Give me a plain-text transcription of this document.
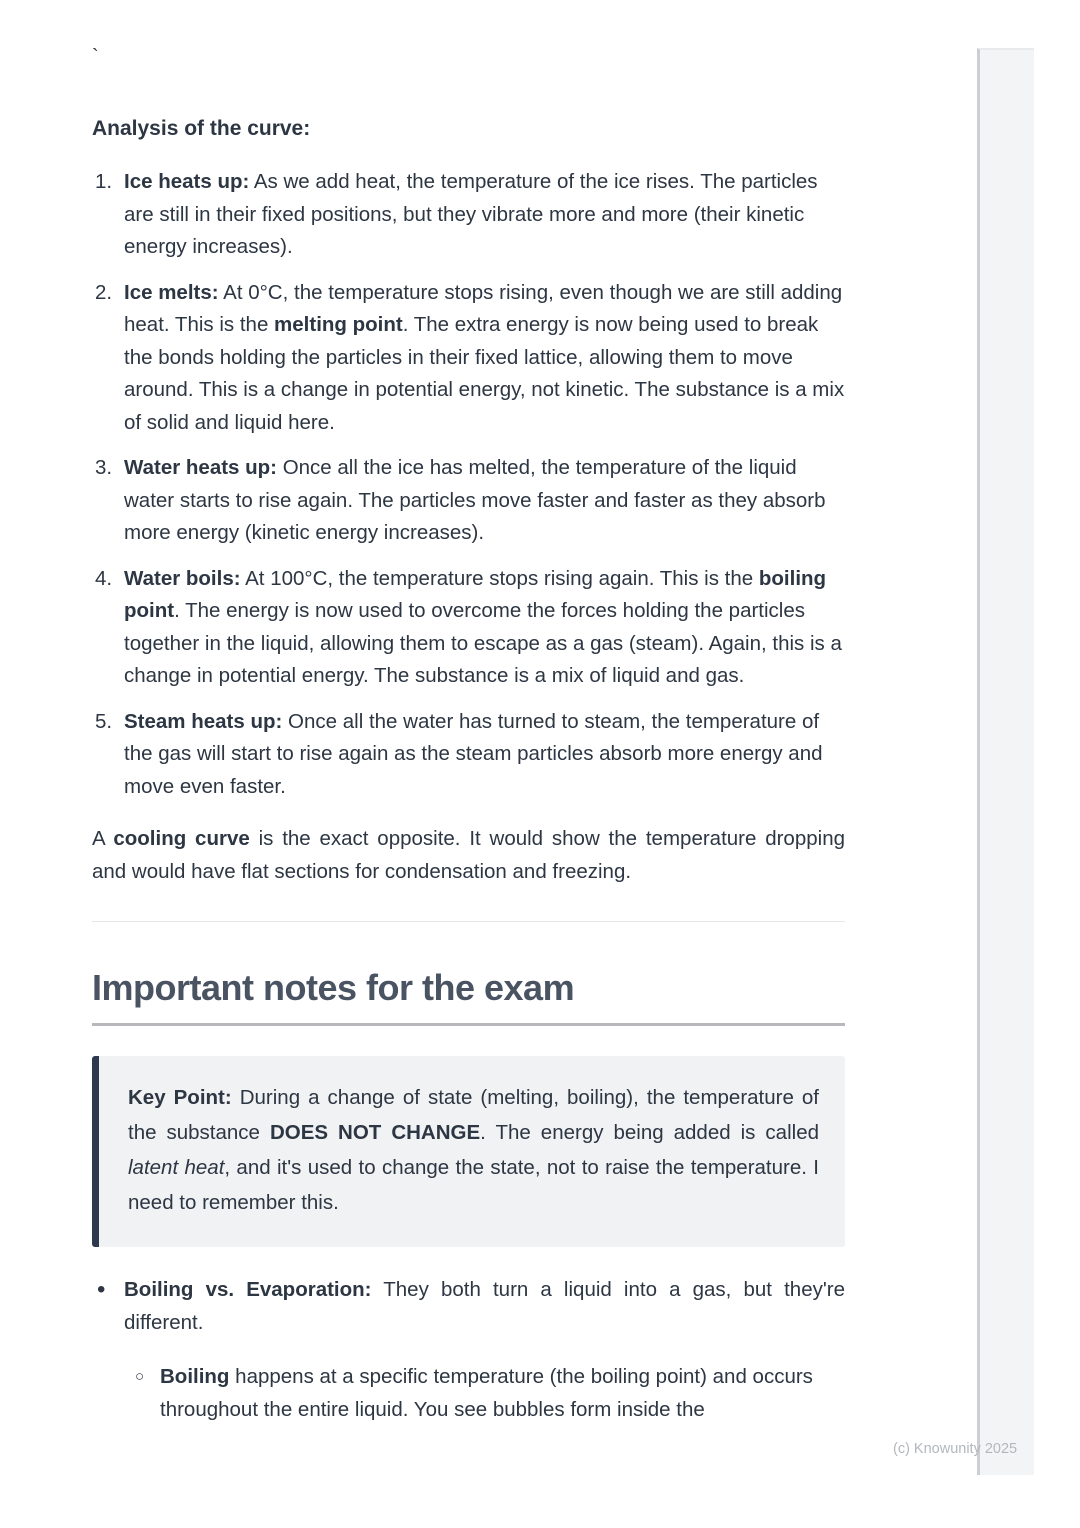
`
Analysis of the curve:
1. Ice heats up: As we add heat, the temperature of the ice rises. The particles are still in their fixed positions, but they vibrate more and more (their kinetic energy increases).
2. Ice melts: At 0°C, the temperature stops rising, even though we are still adding heat. This is the melting point. The extra energy is now being used to break the bonds holding the particles in their fixed lattice, allowing them to move around. This is a change in potential energy, not kinetic. The substance is a mix of solid and liquid here.
3. Water heats up: Once all the ice has melted, the temperature of the liquid water starts to rise again. The particles move faster and faster as they absorb more energy (kinetic energy increases).
4. Water boils: At 100°C, the temperature stops rising again. This is the boiling point. The energy is now used to overcome the forces holding the particles together in the liquid, allowing them to escape as a gas (steam). Again, this is a change in potential energy. The substance is a mix of liquid and gas.
5. Steam heats up: Once all the water has turned to steam, the temperature of the gas will start to rise again as the steam particles absorb more energy and move even faster.

A cooling curve is the exact opposite. It would show the temperature dropping and would have flat sections for condensation and freezing.

Important notes for the exam

Key Point: During a change of state (melting, boiling), the temperature of the substance DOES NOT CHANGE. The energy being added is called latent heat, and it's used to change the state, not to raise the temperature. I need to remember this.

• Boiling vs. Evaporation: They both turn a liquid into a gas, but they're different.
○ Boiling happens at a specific temperature (the boiling point) and occurs throughout the entire liquid. You see bubbles form inside the
(c) Knowunity 2025
